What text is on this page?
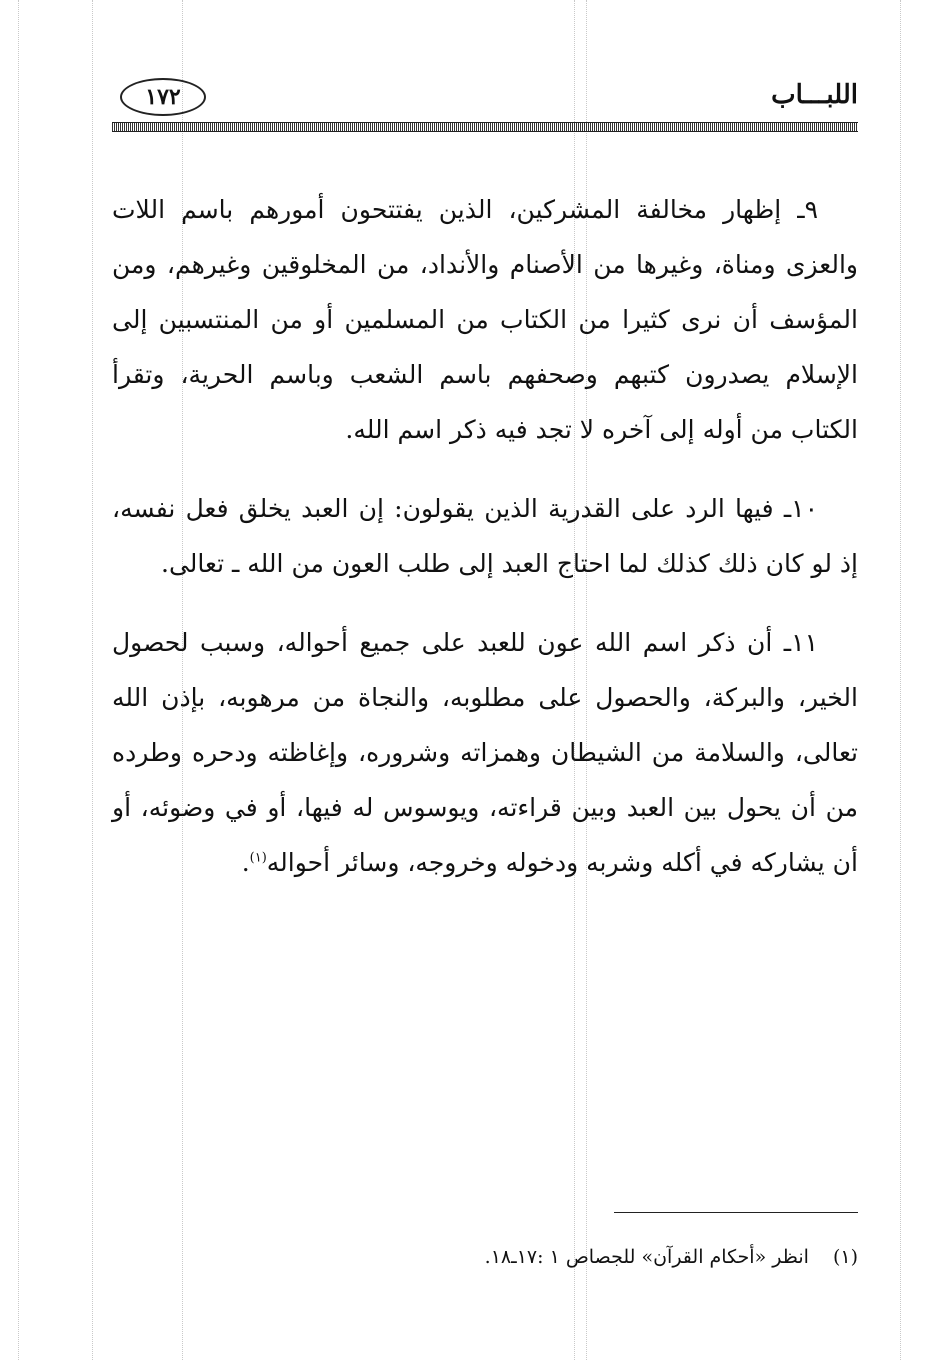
١٧٢	اللبـــاب

٩ـ إظهار مخالفة المشركين، الذين يفتتحون أمورهم باسم اللات والعزى ومناة، وغيرها من الأصنام والأنداد، من المخلوقين وغيرهم، ومن المؤسف أن نرى كثيرا من الكتاب من المسلمين أو من المنتسبين إلى الإسلام يصدرون كتبهم وصحفهم باسم الشعب وباسم الحرية، وتقرأ الكتاب من أوله إلى آخره لا تجد فيه ذكر اسم الله.

١٠ـ فيها الرد على القدرية الذين يقولون: إن العبد يخلق فعل نفسه، إذ لو كان ذلك كذلك لما احتاج العبد إلى طلب العون من الله ـ تعالى.

١١ـ أن ذكر اسم الله عون للعبد على جميع أحواله، وسبب لحصول الخير، والبركة، والحصول على مطلوبه، والنجاة من مرهوبه، بإذن الله تعالى، والسلامة من الشيطان وهمزاته وشروره، وإغاظته ودحره وطرده من أن يحول بين العبد وبين قراءته، ويوسوس له فيها، أو في وضوئه، أو أن يشاركه في أكله وشربه ودخوله وخروجه، وسائر أحواله$^{(١)}$.

(١) انظر «أحكام القرآن» للجصاص ١ :١٧ـ١٨.
